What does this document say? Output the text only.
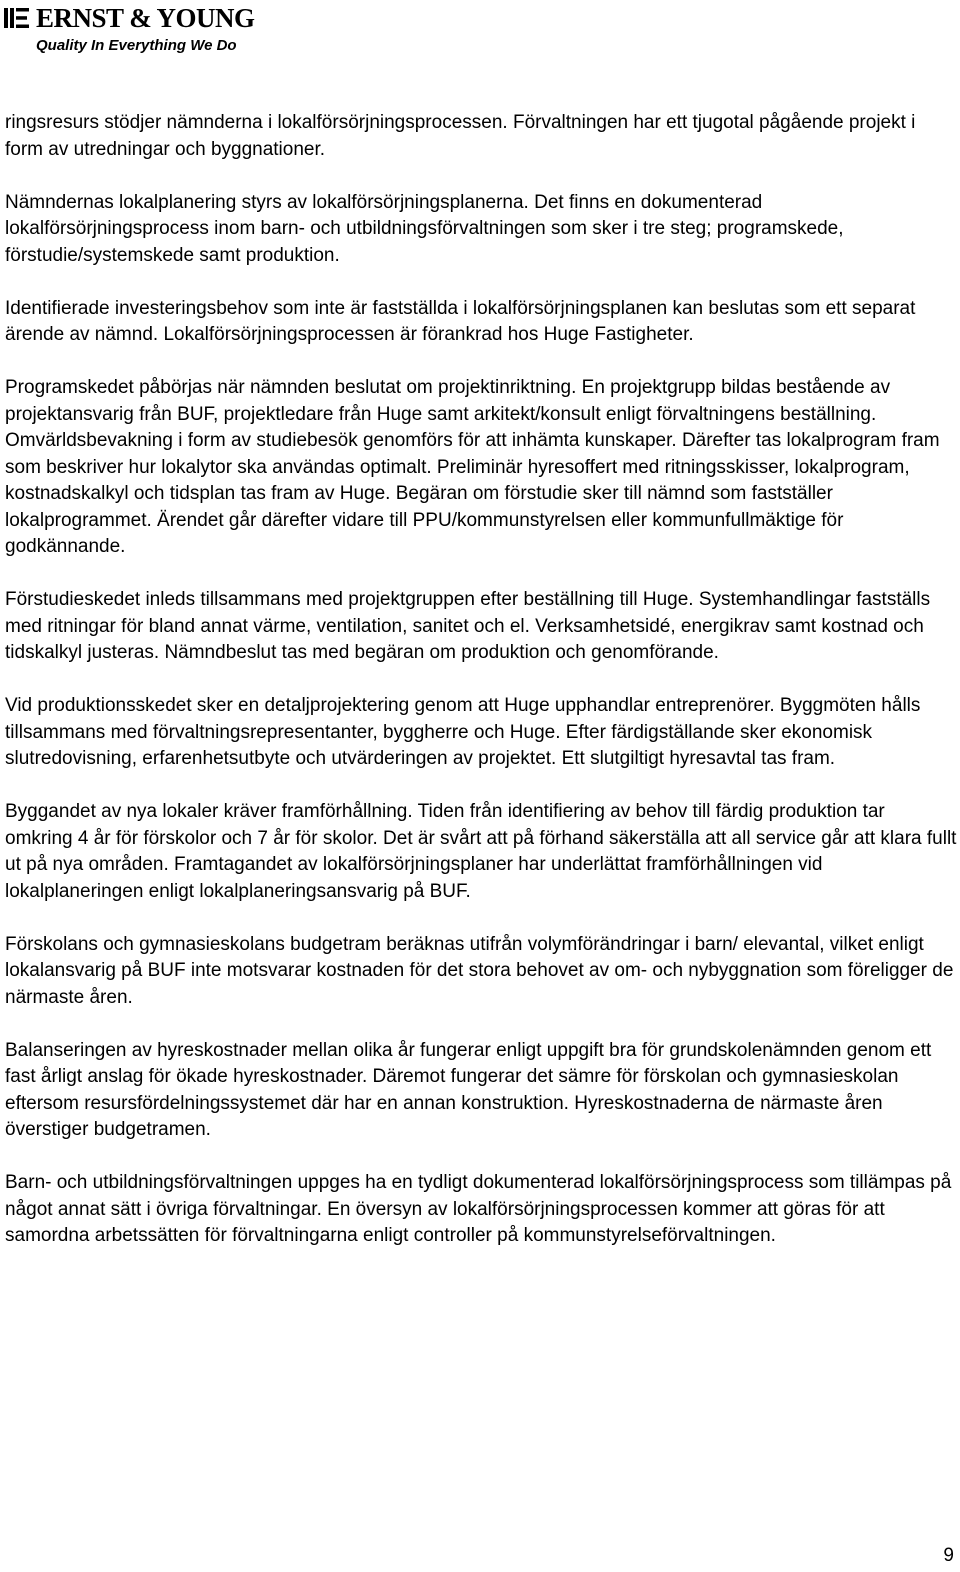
ERNST & YOUNG
Quality In Everything We Do

ringsresurs stödjer nämnderna i lokalförsörjningsprocessen. Förvaltningen har ett tjugotal pågående projekt i form av utredningar och byggnationer.

Nämndernas lokalplanering styrs av lokalförsörjningsplanerna. Det finns en dokumenterad lokalförsörjningsprocess inom barn- och utbildningsförvaltningen som sker i tre steg; programskede, förstudie/systemskede samt produktion.

Identifierade investeringsbehov som inte är fastställda i lokalförsörjningsplanen kan beslutas som ett separat ärende av nämnd. Lokalförsörjningsprocessen är förankrad hos Huge Fastigheter.

Programskedet påbörjas när nämnden beslutat om projektinriktning. En projektgrupp bildas bestående av projektansvarig från BUF, projektledare från Huge samt arkitekt/konsult enligt förvaltningens beställning. Omvärldsbevakning i form av studiebesök genomförs för att inhämta kunskaper. Därefter tas lokalprogram fram som beskriver hur lokalytor ska användas optimalt. Preliminär hyresoffert med ritningsskisser, lokalprogram, kostnadskalkyl och tidsplan tas fram av Huge. Begäran om förstudie sker till nämnd som fastställer lokalprogrammet. Ärendet går därefter vidare till PPU/kommunstyrelsen eller kommunfullmäktige för godkännande.

Förstudieskedet inleds tillsammans med projektgruppen efter beställning till Huge. Systemhandlingar fastställs med ritningar för bland annat värme, ventilation, sanitet och el. Verksamhetsidé, energikrav samt kostnad och tidskalkyl justeras. Nämndbeslut tas med begäran om produktion och genomförande.

Vid produktionsskedet sker en detaljprojektering genom att Huge upphandlar entreprenörer. Byggmöten hålls tillsammans med förvaltningsrepresentanter, byggherre och Huge. Efter färdigställande sker ekonomisk slutredovisning, erfarenhetsutbyte och utvärderingen av projektet. Ett slutgiltigt hyresavtal tas fram.

Byggandet av nya lokaler kräver framförhållning. Tiden från identifiering av behov till färdig produktion tar omkring 4 år för förskolor och 7 år för skolor. Det är svårt att på förhand säkerställa att all service går att klara fullt ut på nya områden. Framtagandet av lokalförsörjningsplaner har underlättat framförhållningen vid lokalplaneringen enligt lokalplaneringsansvarig på BUF.

Förskolans och gymnasieskolans budgetram beräknas utifrån volymförändringar i barn/ elevantal, vilket enligt lokalansvarig på BUF inte motsvarar kostnaden för det stora behovet av om- och nybyggnation som föreligger de närmaste åren.

Balanseringen av hyreskostnader mellan olika år fungerar enligt uppgift bra för grundskolenämnden genom ett fast årligt anslag för ökade hyreskostnader. Däremot fungerar det sämre för förskolan och gymnasieskolan eftersom resursfördelningssystemet där har en annan konstruktion. Hyreskostnaderna de närmaste åren överstiger budgetramen.

Barn- och utbildningsförvaltningen uppges ha en tydligt dokumenterad lokalförsörjningsprocess som tillämpas på något annat sätt i övriga förvaltningar. En översyn av lokalförsörjningsprocessen kommer att göras för att samordna arbetssätten för förvaltningarna enligt controller på kommunstyrelseförvaltningen.

9
